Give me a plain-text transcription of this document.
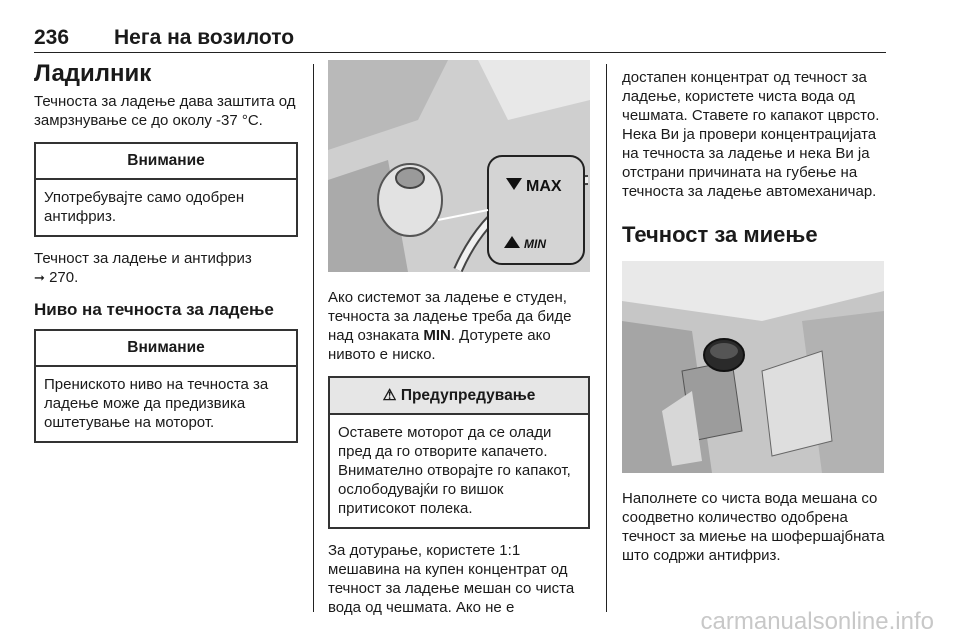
236 Нега на возилото
Ладилник

Течноста за ладење дава заштита од замрзнување се до околу -37 °C.

Внимание
Употребувајте само одобрен антифриз.

Течност за ладење и антифриз
➞ 270.

Ниво на течноста за ладење
Внимание
Прениското ниво на течноста за ладење може да предизвика оштетување на моторот.
MAX
MIN

Ако системот за ладење е студен, течноста за ладење треба да биде над ознаката MIN. Дотурете ако нивото е ниско.

⚠ Предупредување
Оставете моторот да се олади пред да го отворите капачето. Внимателно отворајте го капакот, ослободувајќи го вишок притисокот полека.

За дотурање, користете 1:1 мешавина на купен концентрат од течност за ладење мешан со чиста вода од чешмата. Ако не е

достапен концентрат од течност за ладење, користете чиста вода од чешмата. Ставете го капакот цврсто. Нека Ви ја провери концентрацијата на течноста за ладење и нека Ви ја отстрани причината на губење на течноста за ладење автомеханичар.

Течност за миење

Наполнете со чиста вода мешана со соодветно количество одобрена течност за миење на шофершајбната што содржи антифриз.

carmanualsonline.info
